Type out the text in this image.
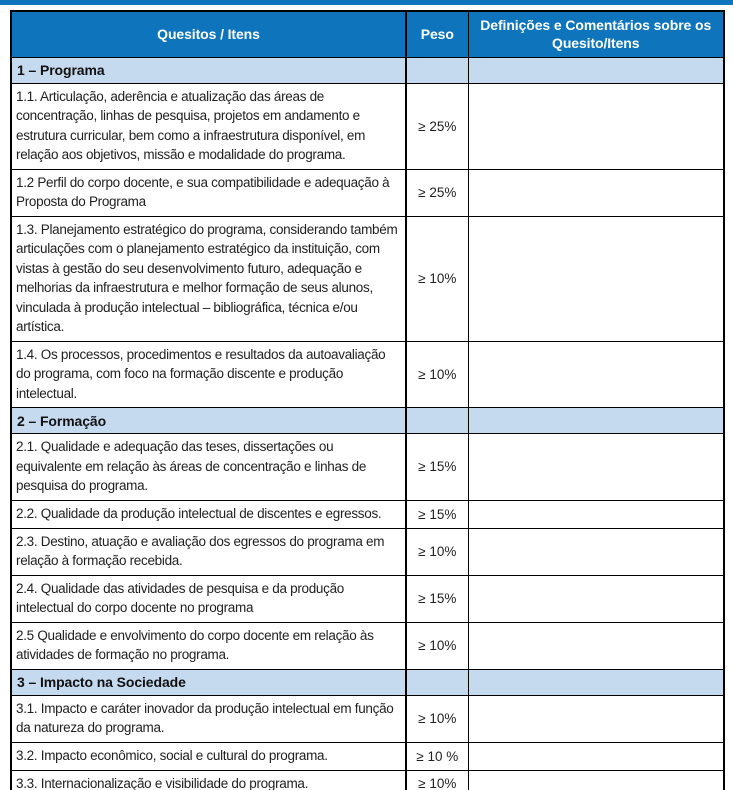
Quesitos / Itens	Peso	Definições e Comentários sobre os Quesito/Itens
1 – Programa		
1.1. Articulação, aderência e atualização das áreas de concentração, linhas de pesquisa, projetos em andamento e estrutura curricular, bem como a infraestrutura disponível, em relação aos objetivos, missão e modalidade do programa.	≥ 25%	
1.2 Perfil do corpo docente, e sua compatibilidade e adequação à Proposta do Programa	≥ 25%	
1.3. Planejamento estratégico do programa, considerando também articulações com o planejamento estratégico da instituição, com vistas à gestão do seu desenvolvimento futuro, adequação e melhorias da infraestrutura e melhor formação de seus alunos, vinculada à produção intelectual – bibliográfica, técnica e/ou artística.	≥ 10%	
1.4. Os processos, procedimentos e resultados da autoavaliação do programa, com foco na formação discente e produção intelectual.	≥ 10%	
2 – Formação		
2.1. Qualidade e adequação das teses, dissertações ou equivalente em relação às áreas de concentração e linhas de pesquisa do programa.	≥ 15%	
2.2. Qualidade da produção intelectual de discentes e egressos.	≥ 15%	
2.3. Destino, atuação e avaliação dos egressos do programa em relação à formação recebida.	≥ 10%	
2.4. Qualidade das atividades de pesquisa e da produção intelectual do corpo docente no programa	≥ 15%	
2.5 Qualidade e envolvimento do corpo docente em relação às atividades de formação no programa.	≥ 10%	
3 – Impacto na Sociedade		
3.1. Impacto e caráter inovador da produção intelectual em função da natureza do programa.	≥ 10%	
3.2. Impacto econômico, social e cultural do programa.	≥ 10 %	
3.3. Internacionalização e visibilidade do programa.	≥ 10%	
